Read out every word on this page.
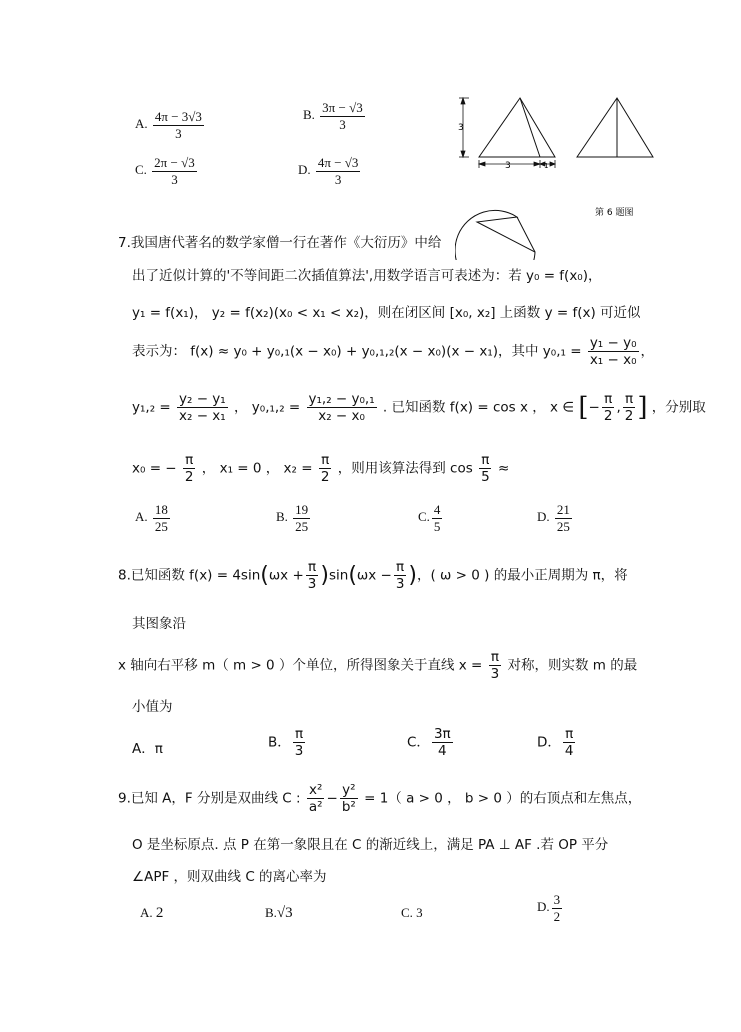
A. $\frac{4\pi - 3√3}{3}$	B. $\frac{3\pi - √3}{3}$
C. $\frac{2\pi - √3}{3}$	D. $\frac{4\pi - √3}{3}$
3
3	1
第 6 题图
7.我国唐代著名的数学家僧一行在著作《大衍历》中给
出了近似计算的'不等间距二次插值算法',用数学语言可表述为：若 y₀ = f(x₀)，
y₁ = f(x₁)， y₂ = f(x₂)(x₀ < x₁ < x₂)，则在闭区间 [x₀, x₂] 上函数 y = f(x) 可近似
表示为： f(x) ≈ y₀ + y₀,₁(x − x₀) + y₀,₁,₂(x − x₀)(x − x₁)，其中 $y_0,_1 = \frac{\text{y₁ − y₀}}{\text{x₁ − x₀}}$ ，
$y_1,_2 = \frac{\text{y₂ − y₁}}{\text{x₂ − x₁}}$ ， $y_0,_1,_2 = \frac{\text{y₁,₂ − y₀,₁}}{\text{x₂ − x₀}}$ . 已知函数 f(x) = cos x ， x ∈ [− $\frac{\pi}{2}$ , $\frac{\pi}{2}$ ] ，分别取
x₀ = − $\frac{\pi}{2}$ ， x₁ = 0 ， $x_2 = \frac{\pi}{2}$ ，则用该算法得到 $\cos \frac{\pi}{5}$ ≈
A. $\frac{18}{25}$	B. $\frac{19}{25}$	C. $\frac{4}{5}$	D. $\frac{21}{25}$
8.已知函数 $f(x) = 4\sin(\omega x + \frac{\pi}{3} )\sin(\omega x - \frac{\pi}{3}$ )，( ω > 0 ) 的最小正周期为 π，将
其图象沿
x 轴向右平移 m（ m > 0 ）个单位，所得图象关于直线 $x = \frac{\pi}{3}$ 对称，则实数 m 的最
小值为
A．π	B． $\frac{\pi}{3}$	C． $\frac{3\pi}{4}$	D． $\frac{\pi}{4}$
9.已知 A，F 分别是双曲线 C : $\frac{\text{x²}}{\text{a²}} - \frac{\text{y²}}{\text{b²}} = 1$（ a > 0 ， b > 0 ）的右顶点和左焦点，
O 是坐标原点. 点 P 在第一象限且在 C 的渐近线上，满足 PA ⊥ AF .若 OP 平分
∠APF ，则双曲线 C 的离心率为
A. 2	B.√3	C. 3	D. $\frac{3}{2}$
